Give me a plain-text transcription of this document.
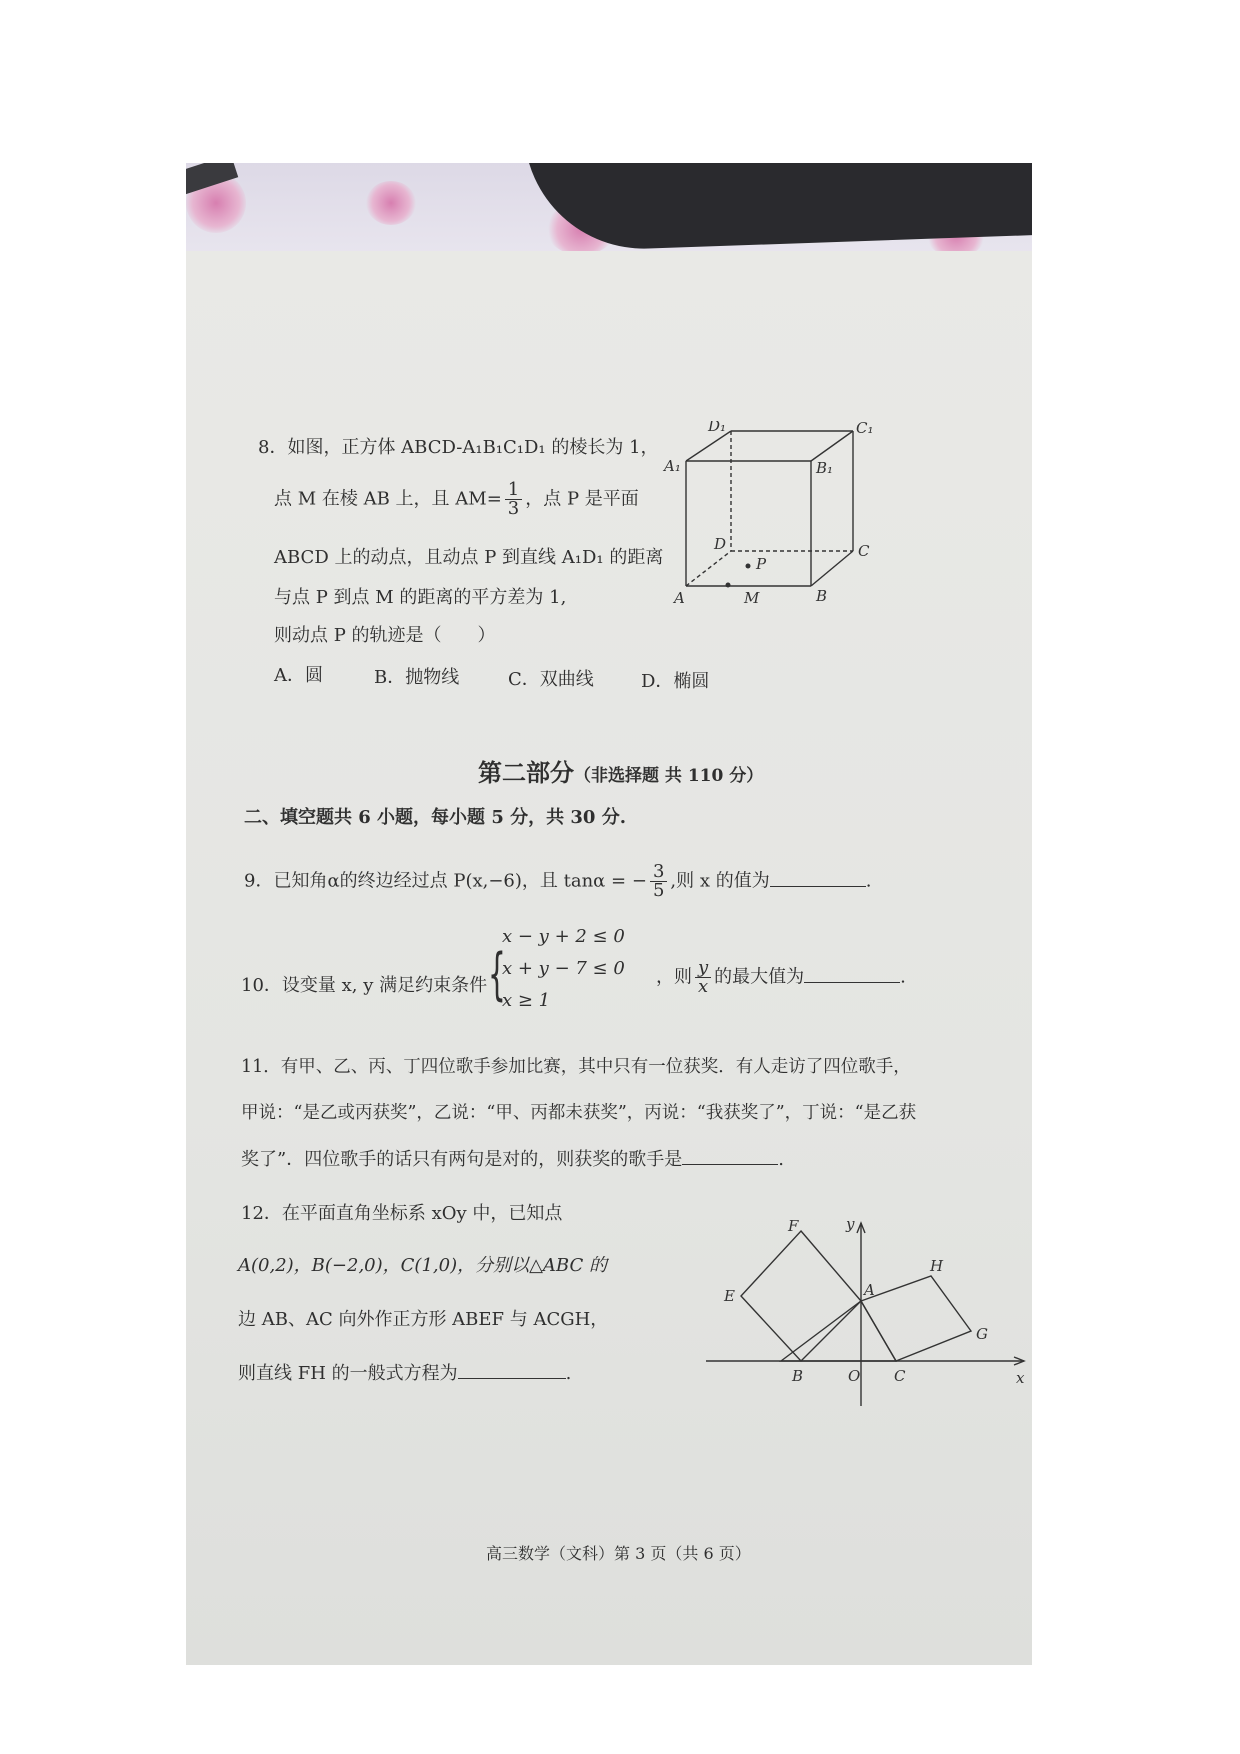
8．如图，正方体 ABCD-A₁B₁C₁D₁ 的棱长为 1，
点 M 在棱 AB 上，且 $AM= \frac{1}{3}$ ，点 P 是平面
ABCD 上的动点，且动点 P 到直线 A₁D₁ 的距离
与点 P 到点 M 的距离的平方差为 1,
则动点 P 的轨迹是（　　）
A．圆	B．抛物线	C．双曲线	D．椭圆
D₁	C₁
A₁	B₁
D	C
P
A	M	B
第二部分（非选择题 共 110 分）
二、填空题共 6 小题，每小题 5 分，共 30 分.
9．已知角α的终边经过点 P(x,−6)，且 tanα = − $\frac{3}{5}$ ,则 x 的值为	.
10．设变量 x, y 满足约束条件 {
x − y + 2 ≤ 0
x + y − 7 ≤ 0
x ≥ 1
，则 $\frac{y}{x}$ 的最大值为	.
11．有甲、乙、丙、丁四位歌手参加比赛，其中只有一位获奖．有人走访了四位歌手，
甲说：“是乙或丙获奖”，乙说：“甲、丙都未获奖”，丙说：“我获奖了”，丁说：“是乙获
奖了”．四位歌手的话只有两句是对的，则获奖的歌手是	.
12．在平面直角坐标系 xOy 中，已知点
A(0,2)，B(−2,0)，C(1,0)，分别以△ABC 的
边 AB、AC 向外作正方形 ABEF 与 ACGH，
则直线 FH 的一般式方程为	.
y
F
H
A
E
G
B	O C	x
高三数学（文科）第 3 页（共 6 页）
